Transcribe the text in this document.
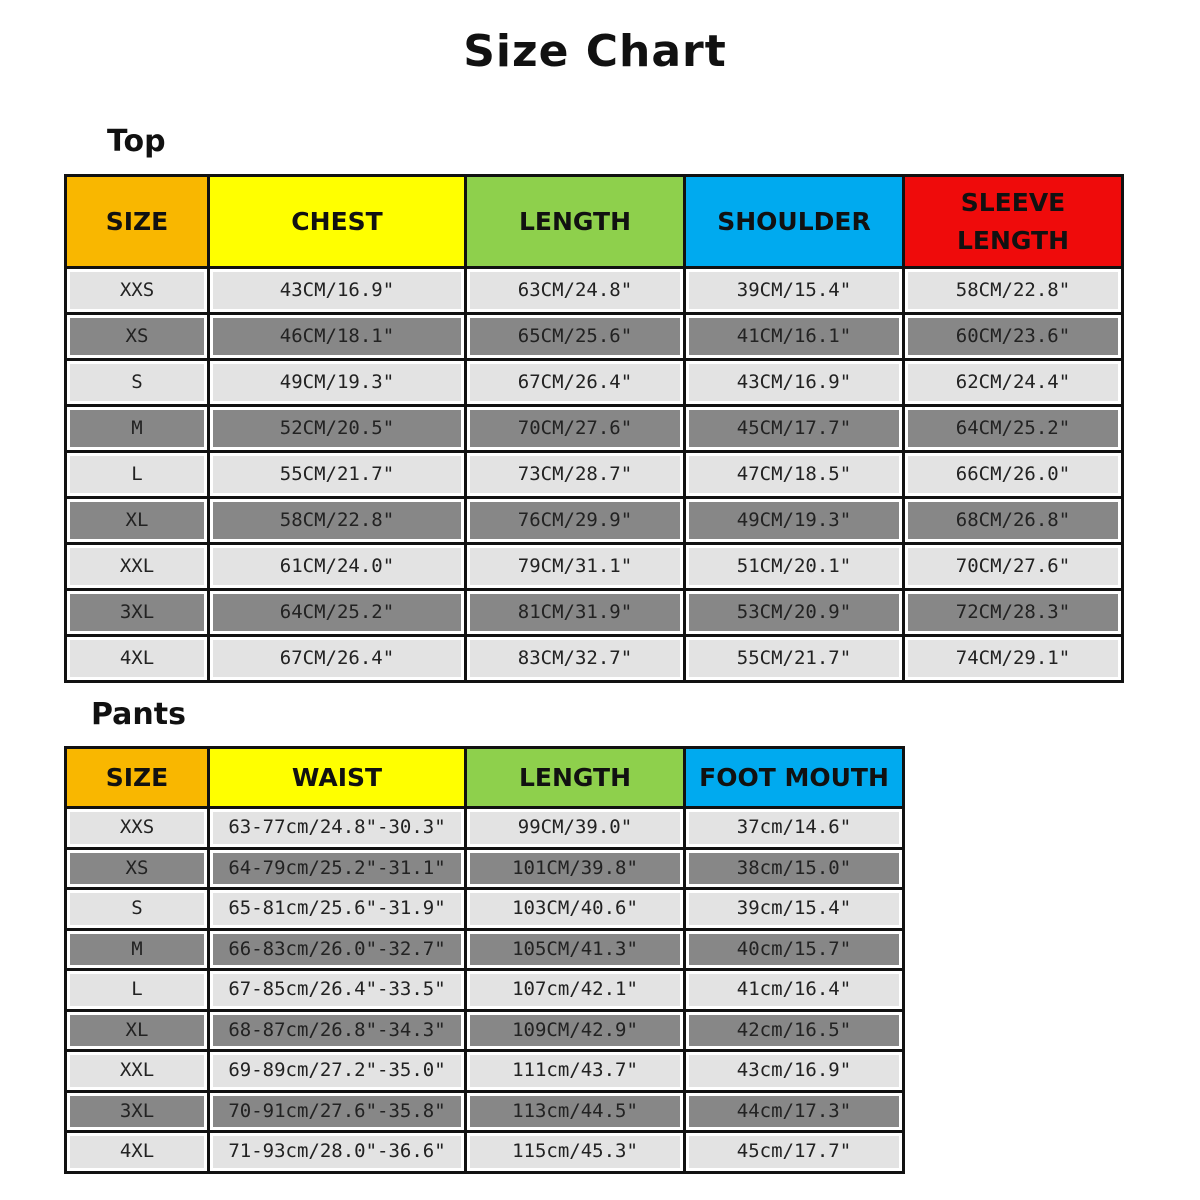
Size Chart
Top
SIZE	CHEST	LENGTH	SHOULDER	SLEEVE LENGTH

XXS	43CM/16.9"	63CM/24.8"	39CM/15.4"	58CM/22.8"

XS	46CM/18.1"	65CM/25.6"	41CM/16.1"	60CM/23.6"

S	49CM/19.3"	67CM/26.4"	43CM/16.9"	62CM/24.4"

M	52CM/20.5"	70CM/27.6"	45CM/17.7"	64CM/25.2"

L	55CM/21.7"	73CM/28.7"	47CM/18.5"	66CM/26.0"

XL	58CM/22.8"	76CM/29.9"	49CM/19.3"	68CM/26.8"

XXL	61CM/24.0"	79CM/31.1"	51CM/20.1"	70CM/27.6"

3XL	64CM/25.2"	81CM/31.9"	53CM/20.9"	72CM/28.3"

4XL	67CM/26.4"	83CM/32.7"	55CM/21.7"	74CM/29.1"
Pants
SIZE	WAIST	LENGTH	FOOT MOUTH

XXS	63-77cm/24.8"-30.3"	99CM/39.0"	37cm/14.6"

XS	64-79cm/25.2"-31.1"	101CM/39.8"	38cm/15.0"

S	65-81cm/25.6"-31.9"	103CM/40.6"	39cm/15.4"

M	66-83cm/26.0"-32.7"	105CM/41.3"	40cm/15.7"

L	67-85cm/26.4"-33.5"	107cm/42.1"	41cm/16.4"

XL	68-87cm/26.8"-34.3"	109CM/42.9"	42cm/16.5"

XXL	69-89cm/27.2"-35.0"	111cm/43.7"	43cm/16.9"

3XL	70-91cm/27.6"-35.8"	113cm/44.5"	44cm/17.3"

4XL	71-93cm/28.0"-36.6"	115cm/45.3"	45cm/17.7"
